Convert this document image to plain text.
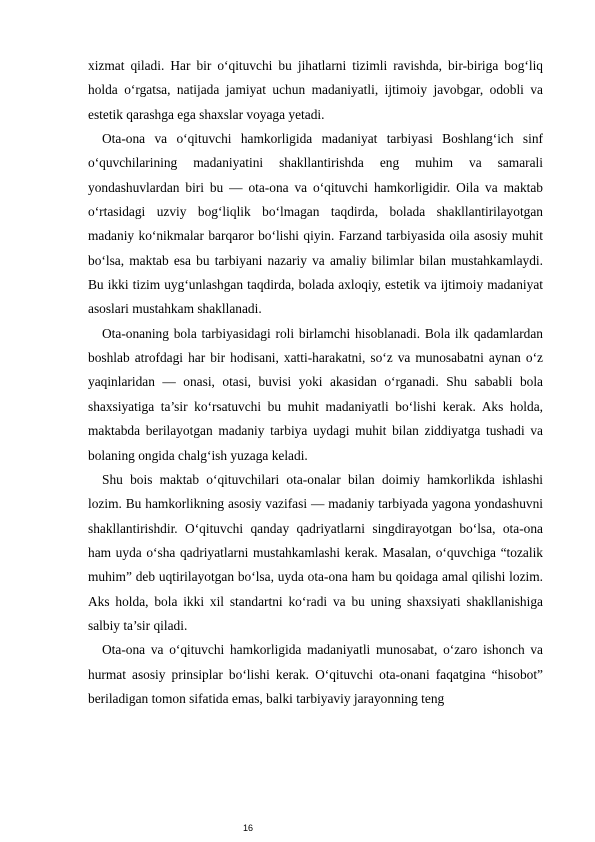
xizmat qiladi. Har bir o‘qituvchi bu jihatlarni tizimli ravishda, bir-biriga bog‘liq holda o‘rgatsa, natijada jamiyat uchun madaniyatli, ijtimoiy javobgar, odobli va estetik qarashga ega shaxslar voyaga yetadi.

Ota-ona va o‘qituvchi hamkorligida madaniyat tarbiyasi Boshlang‘ich sinf o‘quvchilarining madaniyatini shakllantirishda eng muhim va samarali yondashuvlardan biri bu — ota-ona va o‘qituvchi hamkorligidir. Oila va maktab o‘rtasidagi uzviy bog‘liqlik bo‘lmagan taqdirda, bolada shakllantirilayotgan madaniy ko‘nikmalar barqaror bo‘lishi qiyin. Farzand tarbiyasida oila asosiy muhit bo‘lsa, maktab esa bu tarbiyani nazariy va amaliy bilimlar bilan mustahkamlaydi. Bu ikki tizim uyg‘unlashgan taqdirda, bolada axloqiy, estetik va ijtimoiy madaniyat asoslari mustahkam shakllanadi.

Ota-onaning bola tarbiyasidagi roli birlamchi hisoblanadi. Bola ilk qadamlardan boshlab atrofdagi har bir hodisani, xatti-harakatni, so‘z va munosabatni aynan o‘z yaqinlaridan — onasi, otasi, buvisi yoki akasidan o‘rganadi. Shu sababli bola shaxsiyatiga ta’sir ko‘rsatuvchi bu muhit madaniyatli bo‘lishi kerak. Aks holda, maktabda berilayotgan madaniy tarbiya uydagi muhit bilan ziddiyatga tushadi va bolaning ongida chalg‘ish yuzaga keladi.

Shu bois maktab o‘qituvchilari ota-onalar bilan doimiy hamkorlikda ishlashi lozim. Bu hamkorlikning asosiy vazifasi — madaniy tarbiyada yagona yondashuvni shakllantirishdir. O‘qituvchi qanday qadriyatlarni singdirayotgan bo‘lsa, ota-ona ham uyda o‘sha qadriyatlarni mustahkamlashi kerak. Masalan, o‘quvchiga “tozalik muhim” deb uqtirilayotgan bo‘lsa, uyda ota-ona ham bu qoidaga amal qilishi lozim. Aks holda, bola ikki xil standartni ko‘radi va bu uning shaxsiyati shakllanishiga salbiy ta’sir qiladi.

Ota-ona va o‘qituvchi hamkorligida madaniyatli munosabat, o‘zaro ishonch va hurmat asosiy prinsiplar bo‘lishi kerak. O‘qituvchi ota-onani faqatgina “hisobot” beriladigan tomon sifatida emas, balki tarbiyaviy jarayonning teng

16
